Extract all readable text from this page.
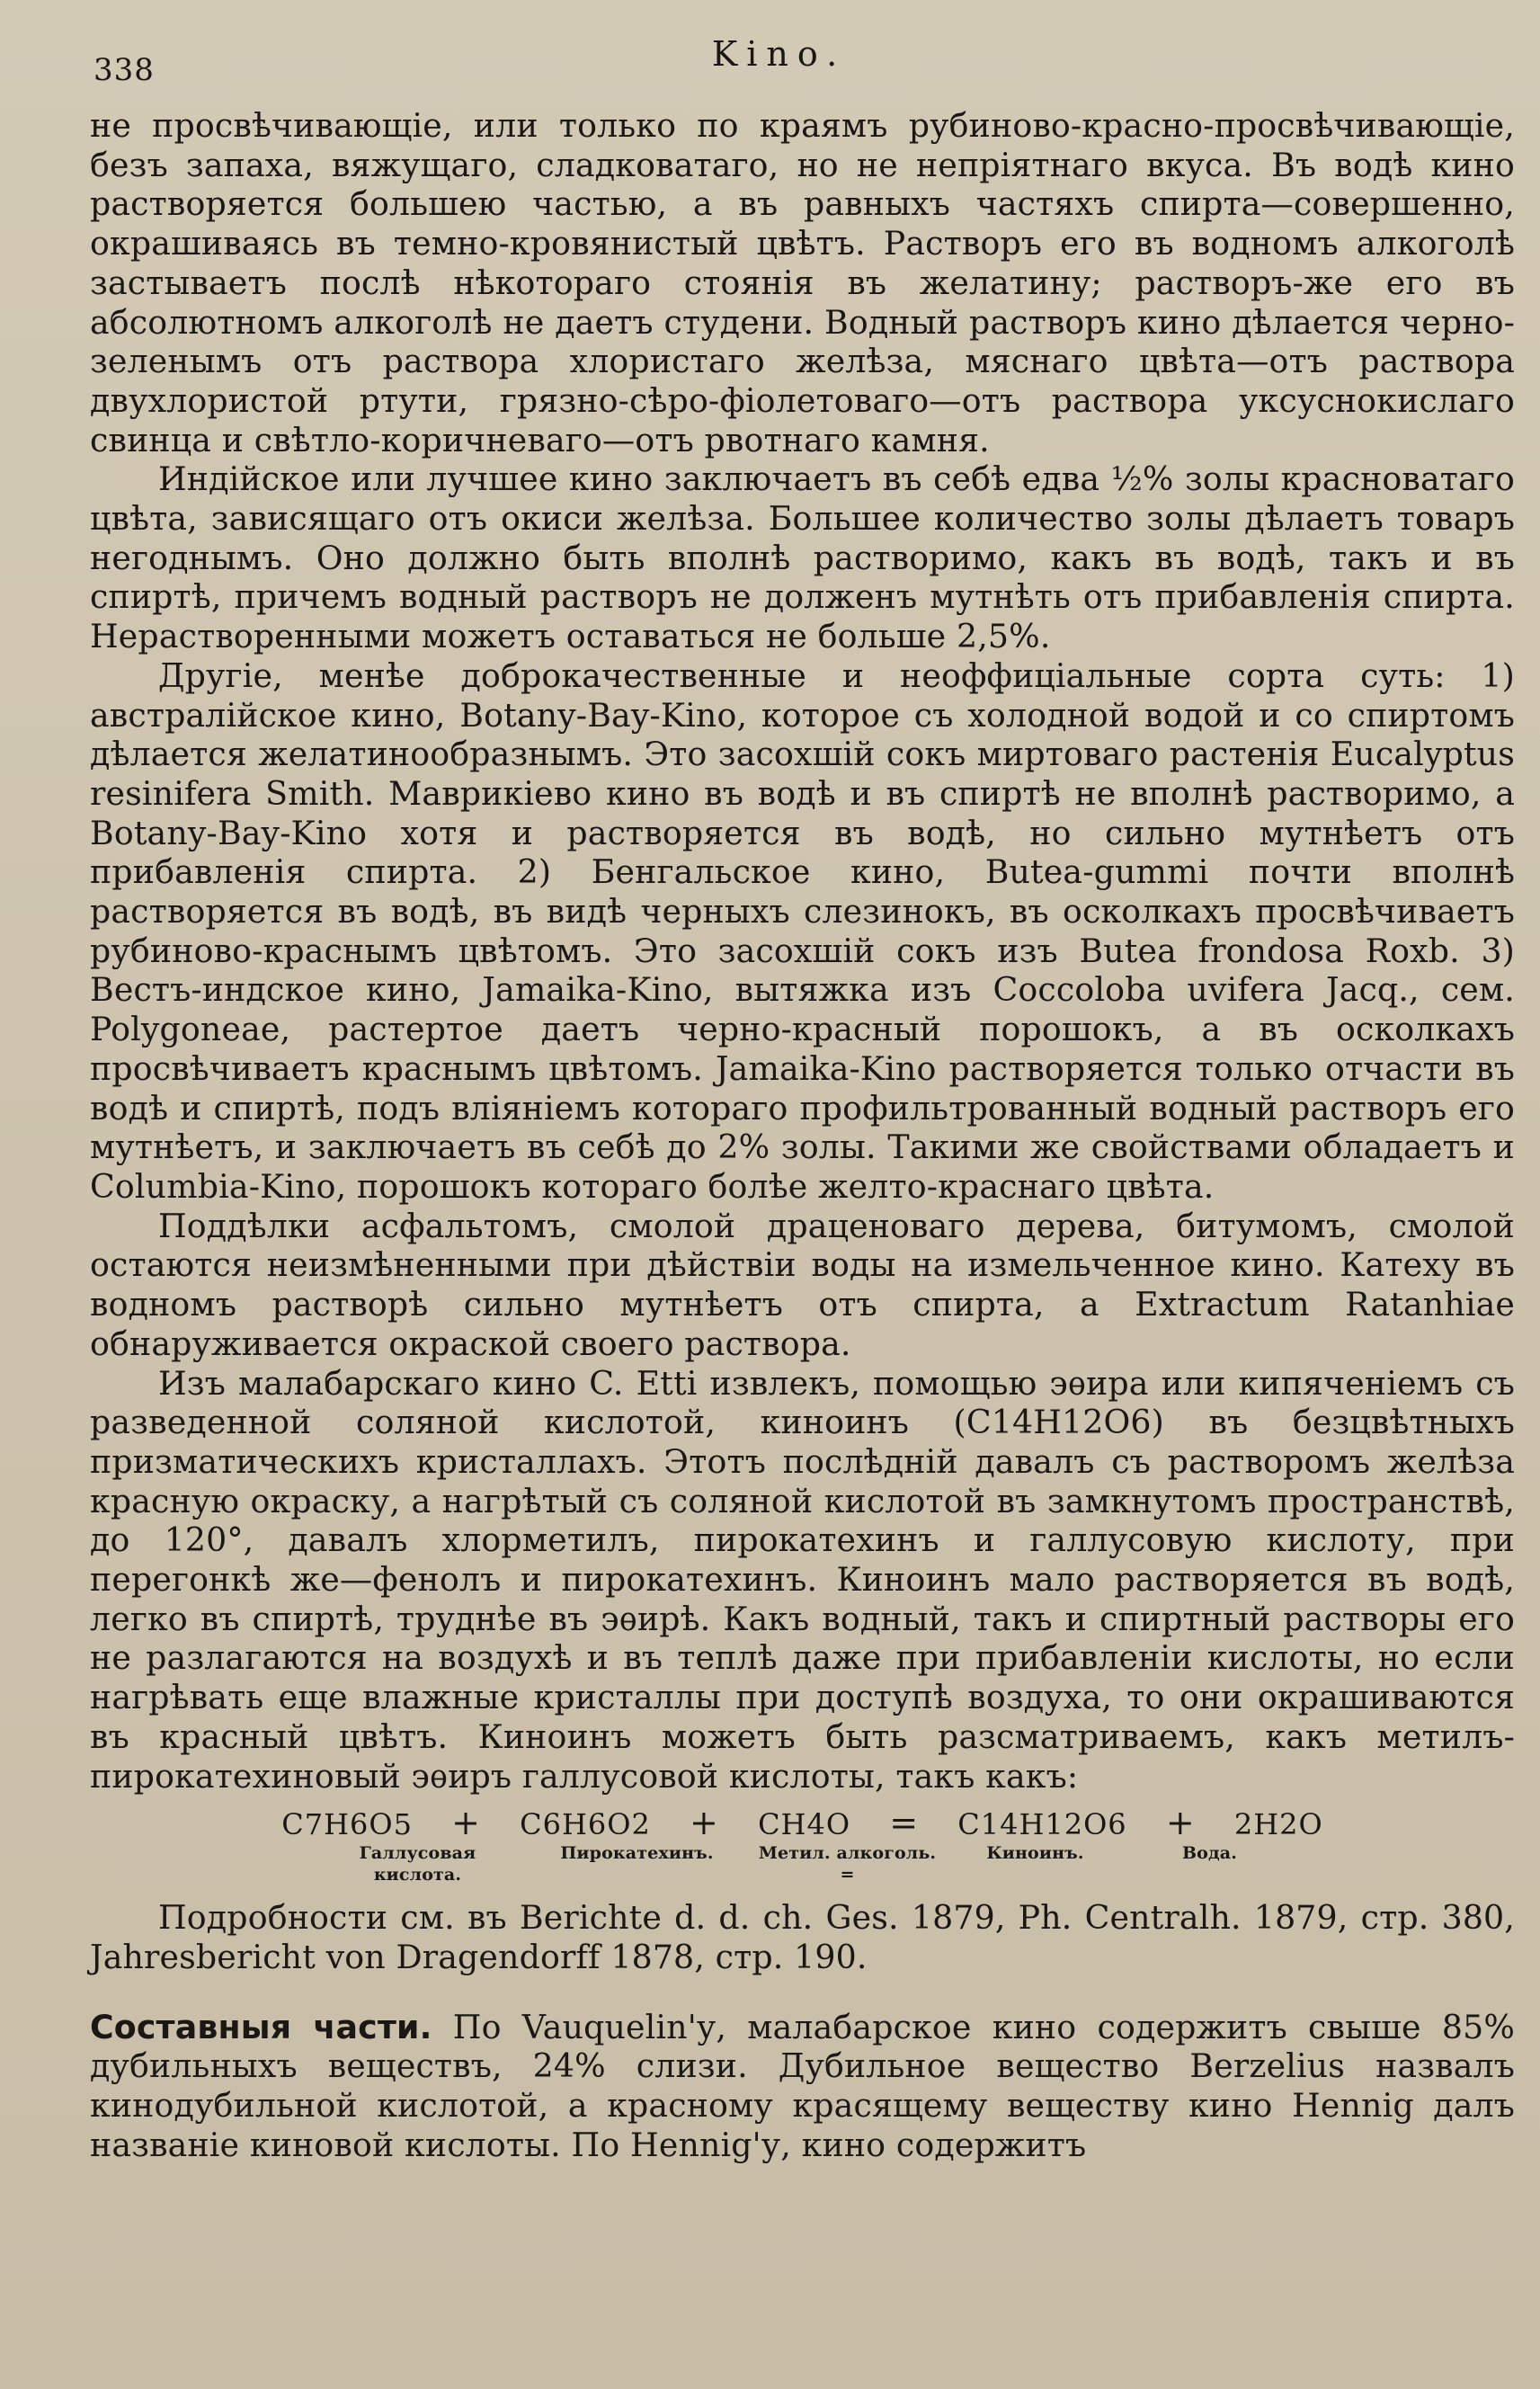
338	Kino.

не просвѣчивающіе, или только по краямъ рубиново-красно-просвѣчивающіе, безъ запаха, вяжущаго, сладковатаго, но не непріятнаго вкуса. Въ водѣ кино растворяется большею частью, а въ равныхъ частяхъ спирта—совершенно, окрашиваясь въ темно-кровянистый цвѣтъ. Растворъ его въ водномъ алкоголѣ застываетъ послѣ нѣкотораго стоянія въ желатину; растворъ-же его въ абсолютномъ алкоголѣ не даетъ студени. Водный растворъ кино дѣлается черно-зеленымъ отъ раствора хлористаго желѣза, мяснаго цвѣта—отъ раствора двухлористой ртути, грязно-сѣро-фіолетоваго—отъ раствора уксуснокислаго свинца и свѣтло-коричневаго—отъ рвотнаго камня.

Индійское или лучшее кино заключаетъ въ себѣ едва ½% золы красноватаго цвѣта, зависящаго отъ окиси желѣза. Большее количество золы дѣлаетъ товаръ негоднымъ. Оно должно быть вполнѣ растворимо, какъ въ водѣ, такъ и въ спиртѣ, причемъ водный растворъ не долженъ мутнѣть отъ прибавленія спирта. Нерастворенными можетъ оставаться не больше 2,5%.

Другіе, менѣе доброкачественные и неоффиціальные сорта суть: 1) австралійское кино, Botany-Bay-Kino, которое съ холодной водой и со спиртомъ дѣлается желатинообразнымъ. Это засохшій сокъ миртоваго растенія Eucalyptus resinifera Smith. Маврикіево кино въ водѣ и въ спиртѣ не вполнѣ растворимо, а Botany-Bay-Kino хотя и растворяется въ водѣ, но сильно мутнѣетъ отъ прибавленія спирта. 2) Бенгальское кино, Butea-gummi почти вполнѣ растворяется въ водѣ, въ видѣ черныхъ слезинокъ, въ осколкахъ просвѣчиваетъ рубиново-краснымъ цвѣтомъ. Это засохшій сокъ изъ Butea frondosa Roxb. 3) Вестъ-индское кино, Jamaika-Kino, вытяжка изъ Coccoloba uvifera Jacq., сем. Polygoneae, растертое даетъ черно-красный порошокъ, а въ осколкахъ просвѣчиваетъ краснымъ цвѣтомъ. Jamaika-Kino растворяется только отчасти въ водѣ и спиртѣ, подъ вліяніемъ котораго профильтрованный водный растворъ его мутнѣетъ, и заключаетъ въ себѣ до 2% золы. Такими же свойствами обладаетъ и Columbia-Kino, порошокъ котораго болѣе желто-краснаго цвѣта.

Поддѣлки асфальтомъ, смолой драценоваго дерева, битумомъ, смолой остаются неизмѣненными при дѣйствіи воды на измельченное кино. Катеху въ водномъ растворѣ сильно мутнѣетъ отъ спирта, а Extractum Ratanhiae обнаруживается окраской своего раствора.

Изъ малабарскаго кино C. Etti извлекъ, помощью эѳира или кипяченіемъ съ разведенной соляной кислотой, киноинъ (C14H12O6) въ безцвѣтныхъ призматическихъ кристаллахъ. Этотъ послѣдній давалъ съ растворомъ желѣза красную окраску, а нагрѣтый съ соляной кислотой въ замкнутомъ пространствѣ, до 120°, давалъ хлорметилъ, пирокатехинъ и галлусовую кислоту, при перегонкѣ же—фенолъ и пирокатехинъ. Киноинъ мало растворяется въ водѣ, легко въ спиртѣ, труднѣе въ эѳирѣ. Какъ водный, такъ и спиртный растворы его не разлагаются на воздухѣ и въ теплѣ даже при прибавленіи кислоты, но если нагрѣвать еще влажные кристаллы при доступѣ воздуха, то они окрашиваются въ красный цвѣтъ. Киноинъ можетъ быть разсматриваемъ, какъ метилъ-пирокатехиновый эѳиръ галлусовой кислоты, такъ какъ:

C7H6O5 + C6H6O2 + CH4O = C14H12O6 + 2H2O
Галлусовая кислота.
Пирокатехинъ.	Метил. алкоголь. =
Киноинъ.	Вода.

Подробности см. въ Berichte d. d. ch. Ges. 1879, Ph. Centralh. 1879, стр. 380, Jahresbericht von Dragendorff 1878, стр. 190.

Составныя части. По Vauquelin'у, малабарское кино содержитъ свыше 85% дубильныхъ веществъ, 24% слизи. Дубильное вещество Berzelius назвалъ кинодубильной кислотой, а красному красящему веществу кино Hennig далъ названіе киновой кислоты. По Hennig'у, кино содержитъ
